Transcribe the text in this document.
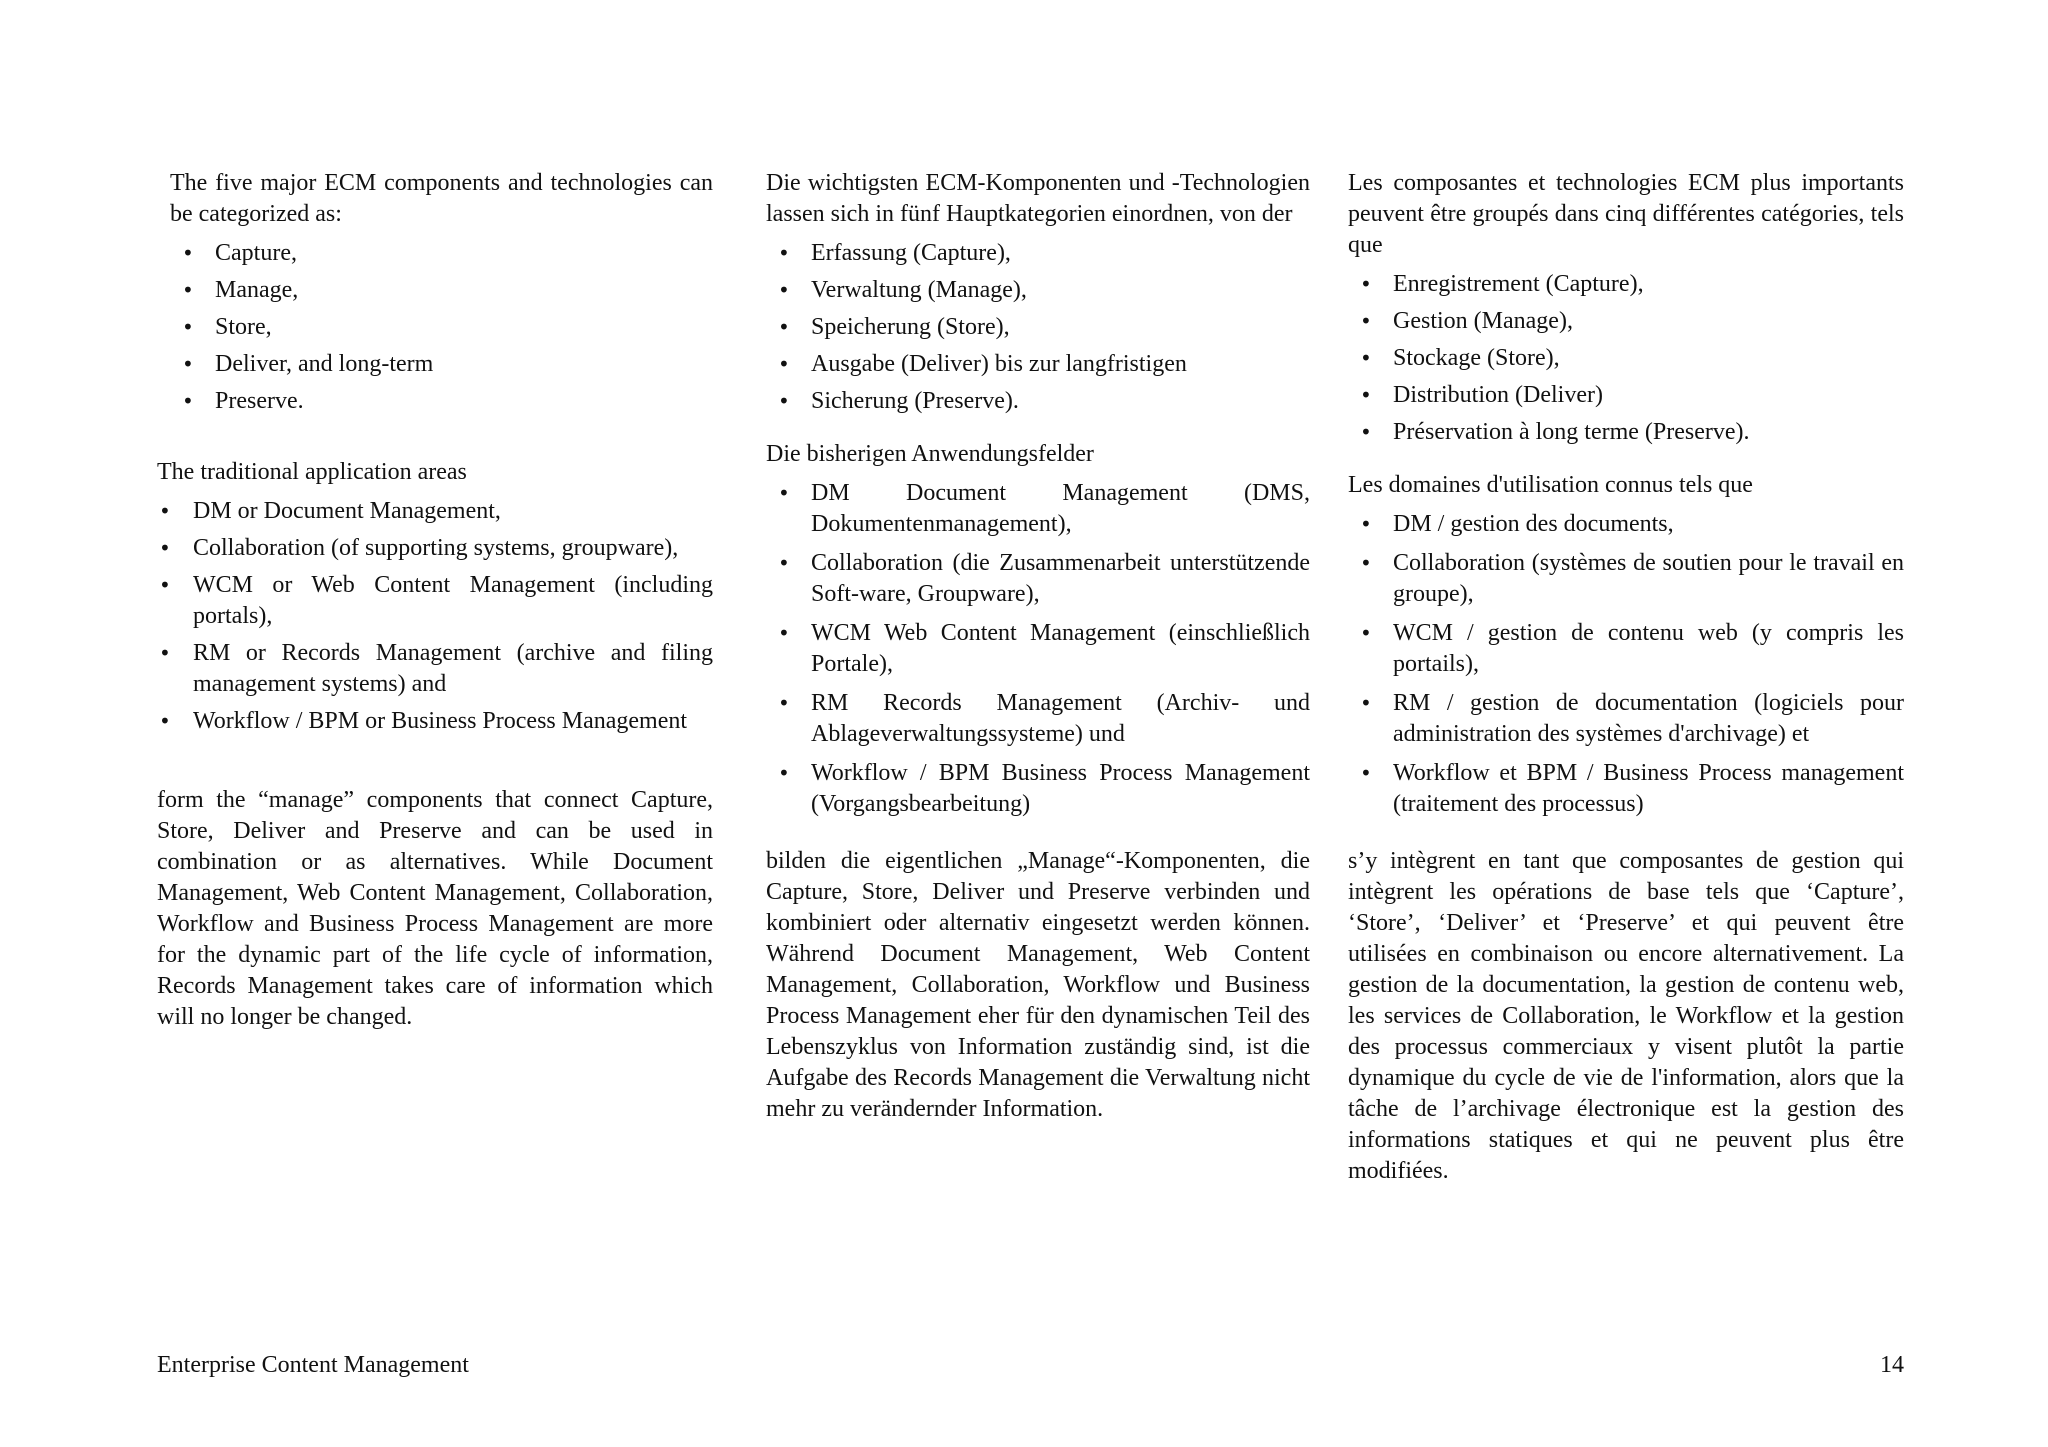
The five major ECM components and technologies can be categorized as:

• Capture,
• Manage,
• Store,
• Deliver, and long-term
• Preserve.

The traditional application areas

• DM or Document Management,
• Collaboration (of supporting systems, groupware),
• WCM or Web Content Management (including portals),
• RM or Records Management (archive and filing management systems) and
• Workflow / BPM or Business Process Management

form the “manage” components that connect Capture, Store, Deliver and Preserve and can be used in combination or as alternatives. While Document Management, Web Content Management, Collaboration, Workflow and Business Process Management are more for the dynamic part of the life cycle of information, Records Management takes care of information which will no longer be changed.

Die wichtigsten ECM-Komponenten und -Technologien lassen sich in fünf Hauptkategorien einordnen, von der

• Erfassung (Capture),
• Verwaltung (Manage),
• Speicherung (Store),
• Ausgabe (Deliver) bis zur langfristigen
• Sicherung (Preserve).

Die bisherigen Anwendungsfelder

• DM Document Management (DMS, Dokumentenmanagement),
• Collaboration (die Zusammenarbeit unterstützende Soft-ware, Groupware),
• WCM Web Content Management (einschließlich Portale),
• RM Records Management (Archiv- und Ablageverwaltungssysteme) und
• Workflow / BPM Business Process Management (Vorgangsbearbeitung)

bilden die eigentlichen „Manage“-Komponenten, die Capture, Store, Deliver und Preserve verbinden und kombiniert oder alternativ eingesetzt werden können. Während Document Management, Web Content Management, Collaboration, Workflow und Business Process Management eher für den dynamischen Teil des Lebenszyklus von Information zuständig sind, ist die Aufgabe des Records Management die Verwaltung nicht mehr zu verändernder Information.

Les composantes et technologies ECM plus importants peuvent être groupés dans cinq différentes catégories, tels que

• Enregistrement (Capture),
• Gestion (Manage),
• Stockage (Store),
• Distribution (Deliver)
• Préservation à long terme (Preserve).

Les domaines d'utilisation connus tels que

• DM / gestion des documents,
• Collaboration (systèmes de soutien pour le travail en groupe),
• WCM / gestion de contenu web (y compris les portails),
• RM / gestion de documentation (logiciels pour administration des systèmes d'archivage) et
• Workflow et BPM / Business Process management (traitement des processus)

s’y intègrent en tant que composantes de gestion qui intègrent les opérations de base tels que ‘Capture’, ‘Store’, ‘Deliver’ et ‘Preserve’ et qui peuvent être utilisées en combinaison ou encore alternativement. La gestion de la documentation, la gestion de contenu web, les services de Collaboration, le Workflow et la gestion des processus commerciaux y visent plutôt la partie dynamique du cycle de vie de l'information, alors que la tâche de l’archivage électronique est la gestion des informations statiques et qui ne peuvent plus être modifiées.

Enterprise Content Management	14
